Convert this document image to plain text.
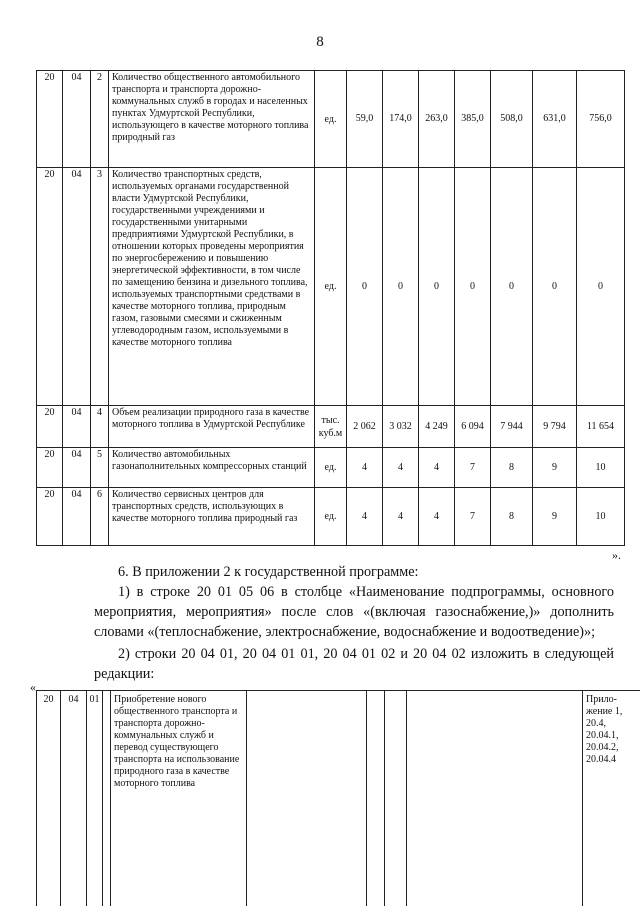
8
20	04	2	Количество общественного автомобильного транспорта и транспорта дорожно-коммунальных служб в городах и населенных пунктах Удмуртской Республики, использующего в качестве моторного топлива природный газ	ед.	59,0	174,0	263,0	385,0	508,0	631,0	756,0
20	04	3	Количество транспортных средств, используемых органами государственной власти Удмуртской Республики, государственными учреждениями и государственными унитарными предприятиями Удмуртской Республики, в отношении которых проведены мероприятия по энергосбережению и повышению энергетической эффективности, в том числе по замещению бензина и дизельного топлива, используемых транспортными средствами в качестве моторного топлива, природным газом, газовыми смесями и сжиженным углеводородным газом, используемыми в качестве моторного топлива	ед.	0	0	0	0	0	0	0
20	04	4	Объем реализации природного газа в качестве моторного топлива в Удмуртской Республике	тыс. куб.м	2 062	3 032	4 249	6 094	7 944	9 794	11 654
20	04	5	Количество автомобильных газонаполнительных компрессорных станций	ед.	4	4	4	7	8	9	10
20	04	6	Количество сервисных центров для транспортных средств, использующих в качестве моторного топлива природный газ	ед.	4	4	4	7	8	9	10
».
6. В приложении 2 к государственной программе:
1) в строке 20 01 05 06 в столбце «Наименование подпрограммы, основного мероприятия, мероприятия» после слов «(включая газоснабжение,)» дополнить словами «(теплоснабжение, электроснабжение, водоснабжение и водоотведение)»;
2) строки 20 04 01, 20 04 01 01, 20 04 01 02 и 20 04 02 изложить в следующей редакции:
«
20	04	01		Приобретение нового общественного транспорта и транспорта дорожно-коммунальных служб и перевод существующего транспорта на использование природного газа в качестве моторного топлива					Прило-жение 1, 20.4, 20.04.1, 20.04.2, 20.04.4
